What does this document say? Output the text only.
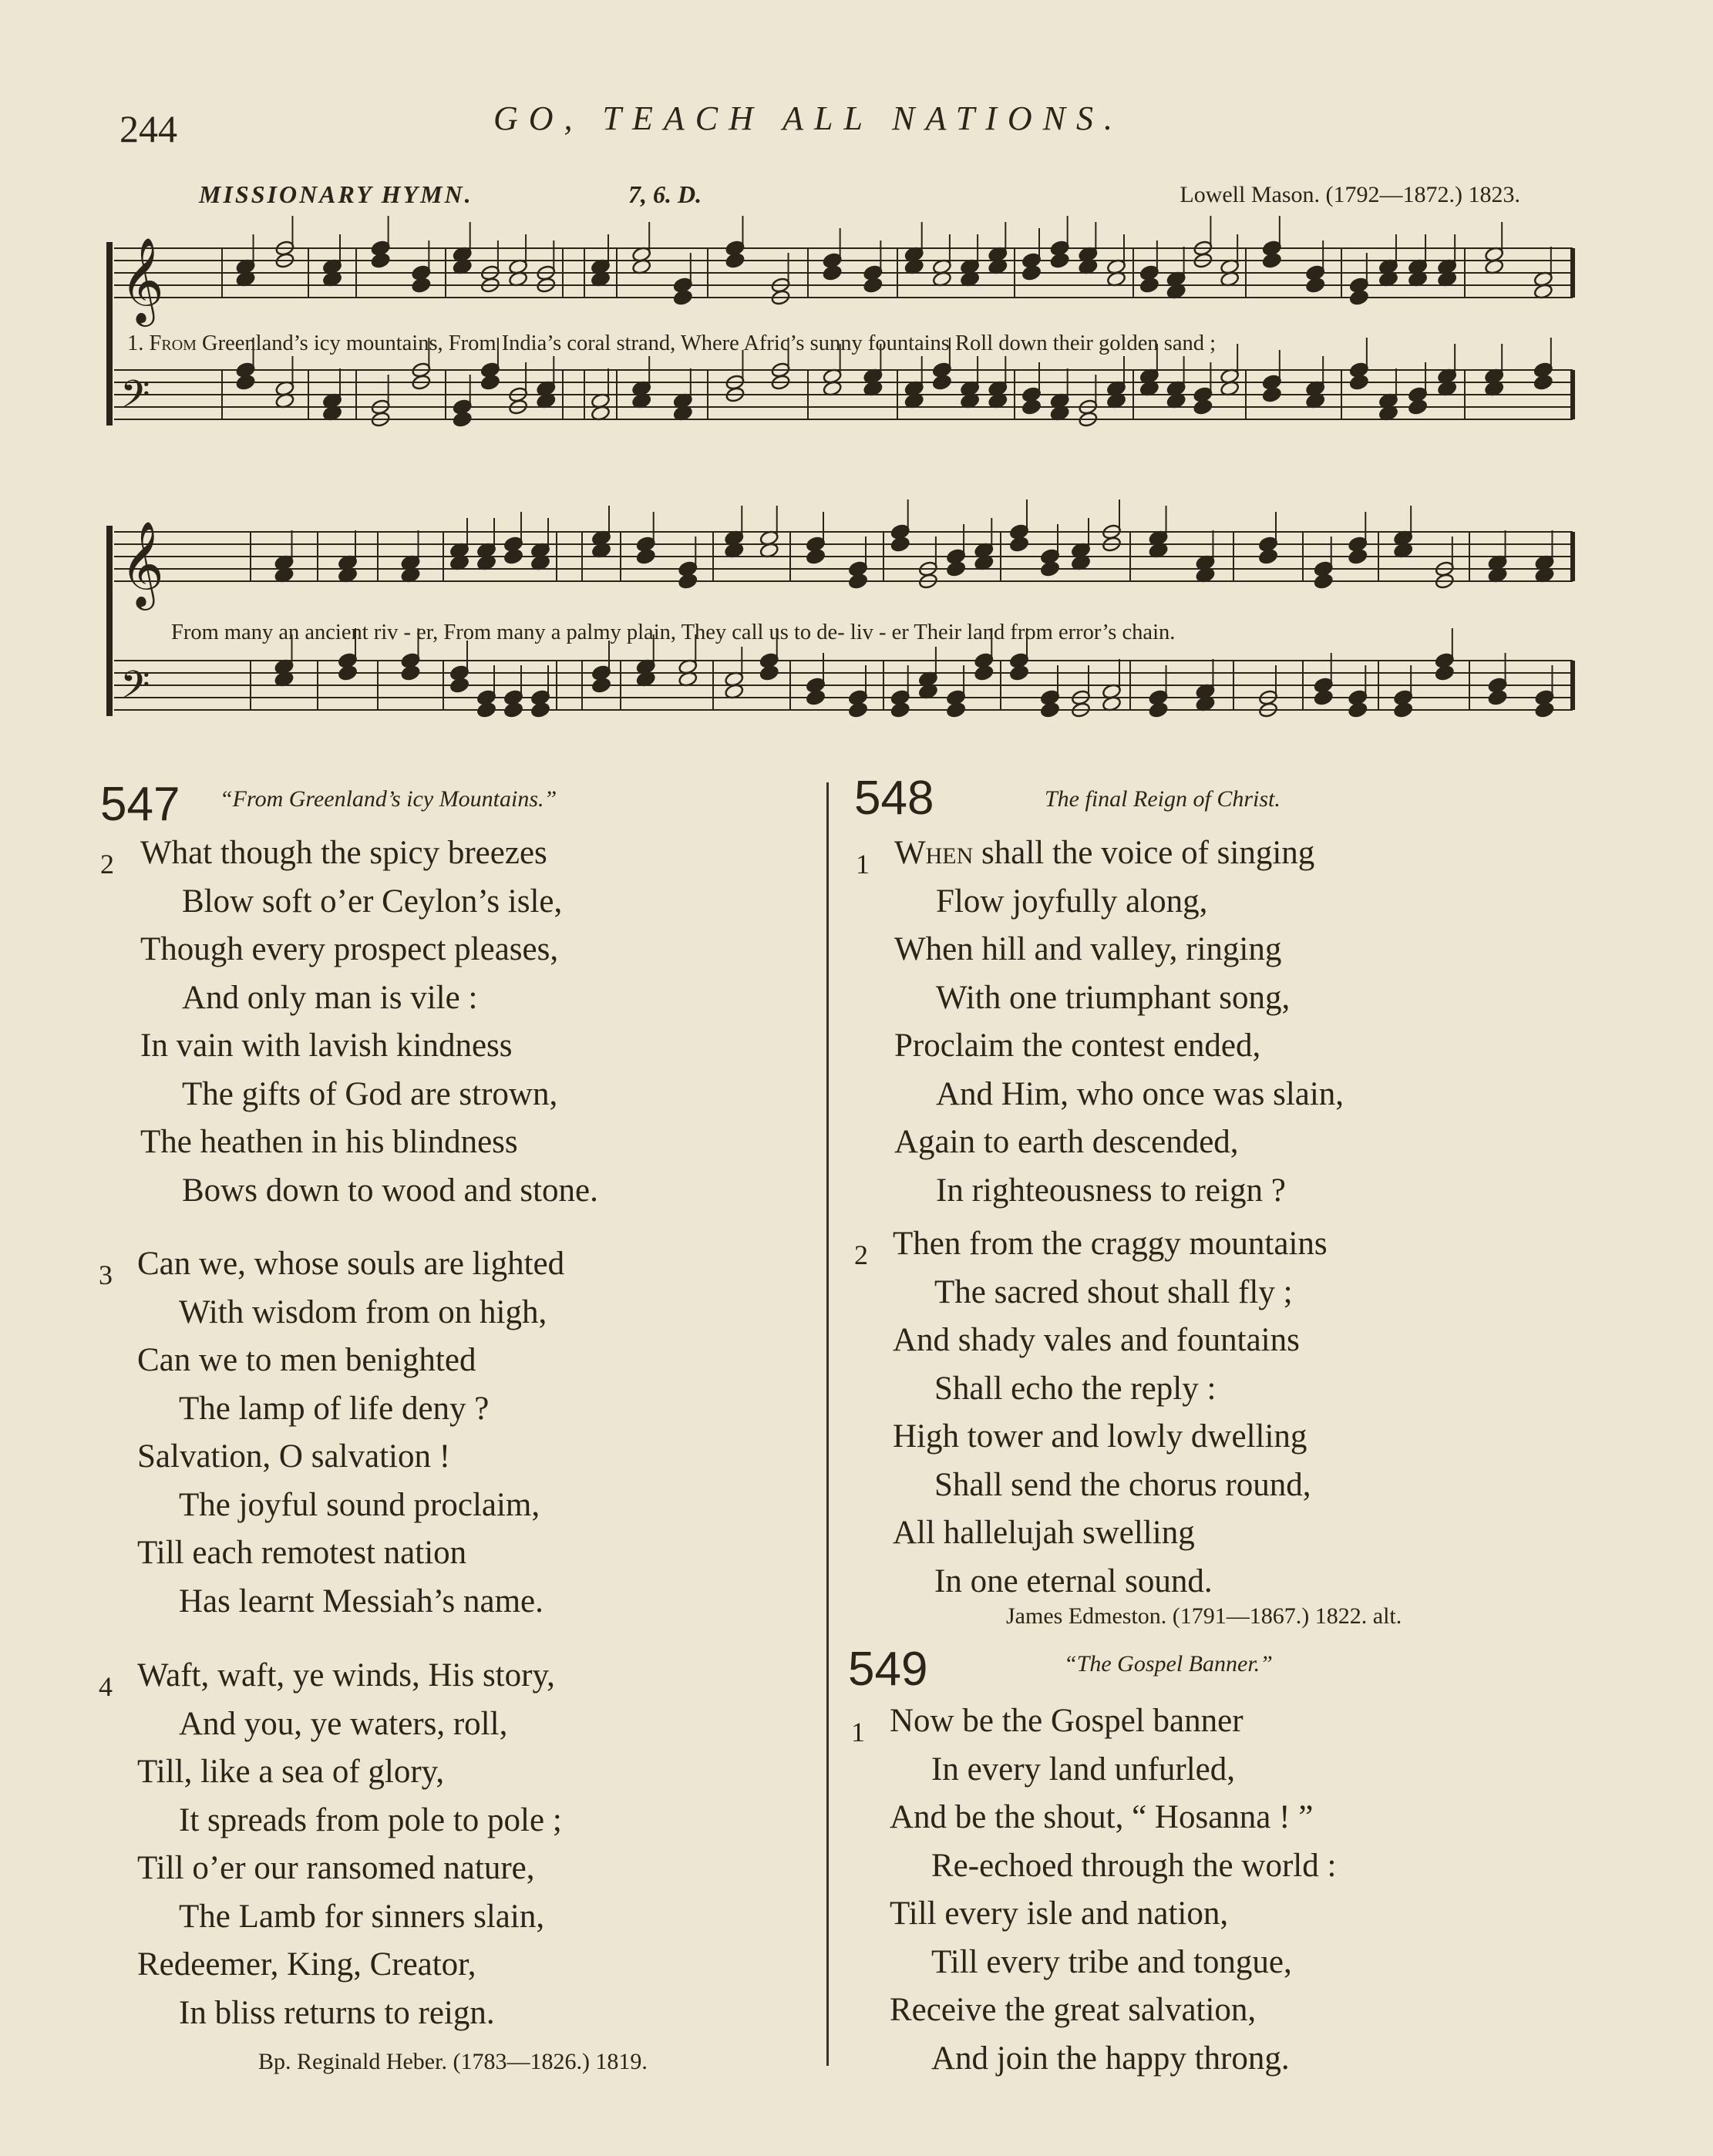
244	GO, TEACH ALL NATIONS.
MISSIONARY HYMN.	7, 6. D.	Lowell Mason. (1792—1872.) 1823.
𝄞
𝄢
𝄞
𝄢
1. From Greenland’s icy mountains, From India’s coral strand, Where Afric’s sunny fountains Roll down their golden sand ;
From many an ancient riv - er, From many a palmy plain, They call us to de- liv - er Their land from error’s chain.
547 “From Greenland’s icy Mountains.”
2 What though the spicy breezes
Blow soft o’er Ceylon’s isle,
Though every prospect pleases,
And only man is vile :
In vain with lavish kindness
The gifts of God are strown,
The heathen in his blindness
Bows down to wood and stone.
3 Can we, whose souls are lighted
With wisdom from on high,
Can we to men benighted
The lamp of life deny ?
Salvation, O salvation !
The joyful sound proclaim,
Till each remotest nation
Has learnt Messiah’s name.
4 Waft, waft, ye winds, His story,
And you, ye waters, roll,
Till, like a sea of glory,
It spreads from pole to pole ;
Till o’er our ransomed nature,
The Lamb for sinners slain,
Redeemer, King, Creator,
In bliss returns to reign.
Bp. Reginald Heber. (1783—1826.) 1819.
548	The final Reign of Christ.
1 When shall the voice of singing
Flow joyfully along,
When hill and valley, ringing
With one triumphant song,
Proclaim the contest ended,
And Him, who once was slain,
Again to earth descended,
In righteousness to reign ?
2 Then from the craggy mountains
The sacred shout shall fly ;
And shady vales and fountains
Shall echo the reply :
High tower and lowly dwelling
Shall send the chorus round,
All hallelujah swelling
In one eternal sound.
James Edmeston. (1791—1867.) 1822. alt.
549	“The Gospel Banner.”
1 Now be the Gospel banner
In every land unfurled,
And be the shout, “ Hosanna ! ”
Re-echoed through the world :
Till every isle and nation,
Till every tribe and tongue,
Receive the great salvation,
And join the happy throng.
